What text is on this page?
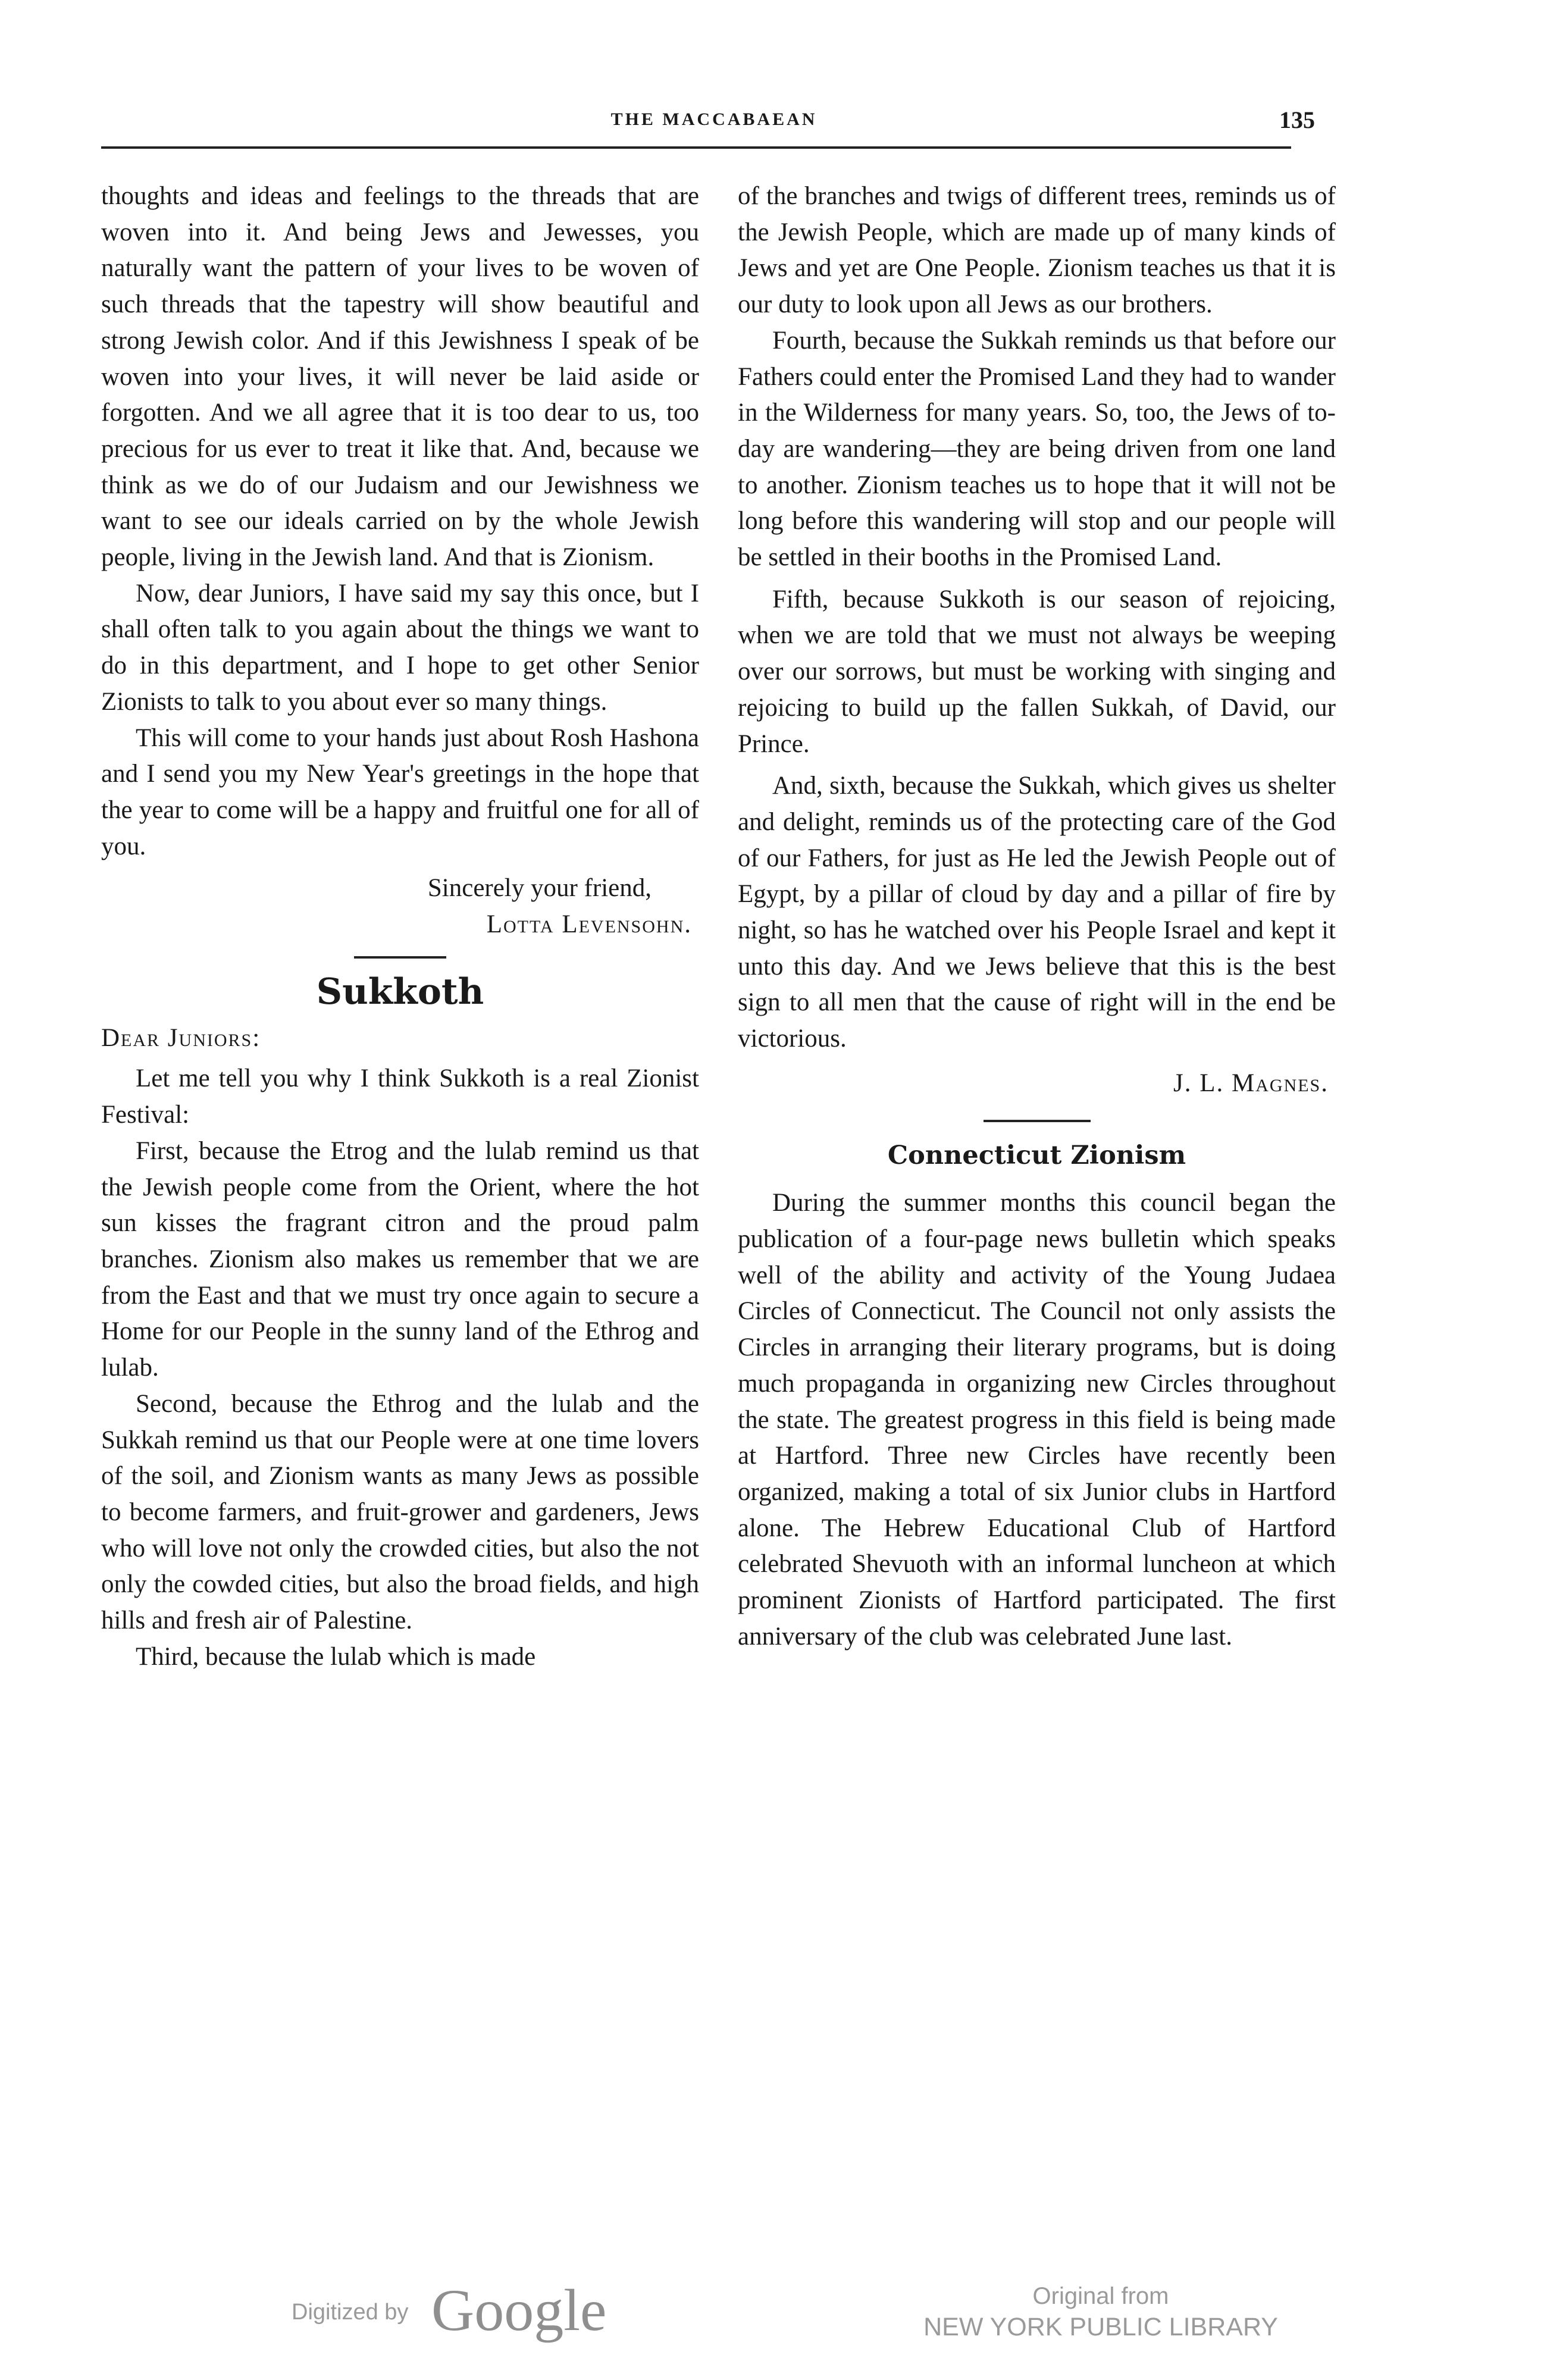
THE MACCABAEAN	135

thoughts and ideas and feelings to the threads that are woven into it. And being Jews and Jewesses, you naturally want the pattern of your lives to be woven of such threads that the tapestry will show beautiful and strong Jewish color. And if this Jewishness I speak of be woven into your lives, it will never be laid aside or forgotten. And we all agree that it is too dear to us, too precious for us ever to treat it like that. And, because we think as we do of our Judaism and our Jewishness we want to see our ideals carried on by the whole Jewish people, living in the Jewish land. And that is Zionism.

Now, dear Juniors, I have said my say this once, but I shall often talk to you again about the things we want to do in this department, and I hope to get other Senior Zionists to talk to you about ever so many things.

This will come to your hands just about Rosh Hashona and I send you my New Year's greetings in the hope that the year to come will be a happy and fruitful one for all of you.

Sincerely your friend,

Lotta Levensohn.

Sukkoth

Dear Juniors:

Let me tell you why I think Sukkoth is a real Zionist Festival:

First, because the Etrog and the lulab remind us that the Jewish people come from the Orient, where the hot sun kisses the fragrant citron and the proud palm branches. Zionism also makes us remember that we are from the East and that we must try once again to secure a Home for our People in the sunny land of the Ethrog and lulab.

Second, because the Ethrog and the lulab and the Sukkah remind us that our People were at one time lovers of the soil, and Zionism wants as many Jews as possible to become farmers, and fruit-grower and gardeners, Jews who will love not only the crowded cities, but also the not only the cowded cities, but also the broad fields, and high hills and fresh air of Palestine.

Third, because the lulab which is made

of the branches and twigs of different trees, reminds us of the Jewish People, which are made up of many kinds of Jews and yet are One People. Zionism teaches us that it is our duty to look upon all Jews as our brothers.

Fourth, because the Sukkah reminds us that before our Fathers could enter the Promised Land they had to wander in the Wilderness for many years. So, too, the Jews of to-day are wandering—they are being driven from one land to another. Zionism teaches us to hope that it will not be long before this wandering will stop and our people will be settled in their booths in the Promised Land.

Fifth, because Sukkoth is our season of rejoicing, when we are told that we must not always be weeping over our sorrows, but must be working with singing and rejoicing to build up the fallen Sukkah, of David, our Prince.

And, sixth, because the Sukkah, which gives us shelter and delight, reminds us of the protecting care of the God of our Fathers, for just as He led the Jewish People out of Egypt, by a pillar of cloud by day and a pillar of fire by night, so has he watched over his People Israel and kept it unto this day. And we Jews believe that this is the best sign to all men that the cause of right will in the end be victorious.

J. L. Magnes.

Connecticut Zionism

During the summer months this council began the publication of a four-page news bulletin which speaks well of the ability and activity of the Young Judaea Circles of Connecticut. The Council not only assists the Circles in arranging their literary programs, but is doing much propaganda in organizing new Circles throughout the state. The greatest progress in this field is being made at Hartford. Three new Circles have recently been organized, making a total of six Junior clubs in Hartford alone. The Hebrew Educational Club of Hartford celebrated Shevuoth with an informal luncheon at which prominent Zionists of Hartford participated. The first anniversary of the club was celebrated June last.

Digitized by Google	Original from
NEW YORK PUBLIC LIBRARY
